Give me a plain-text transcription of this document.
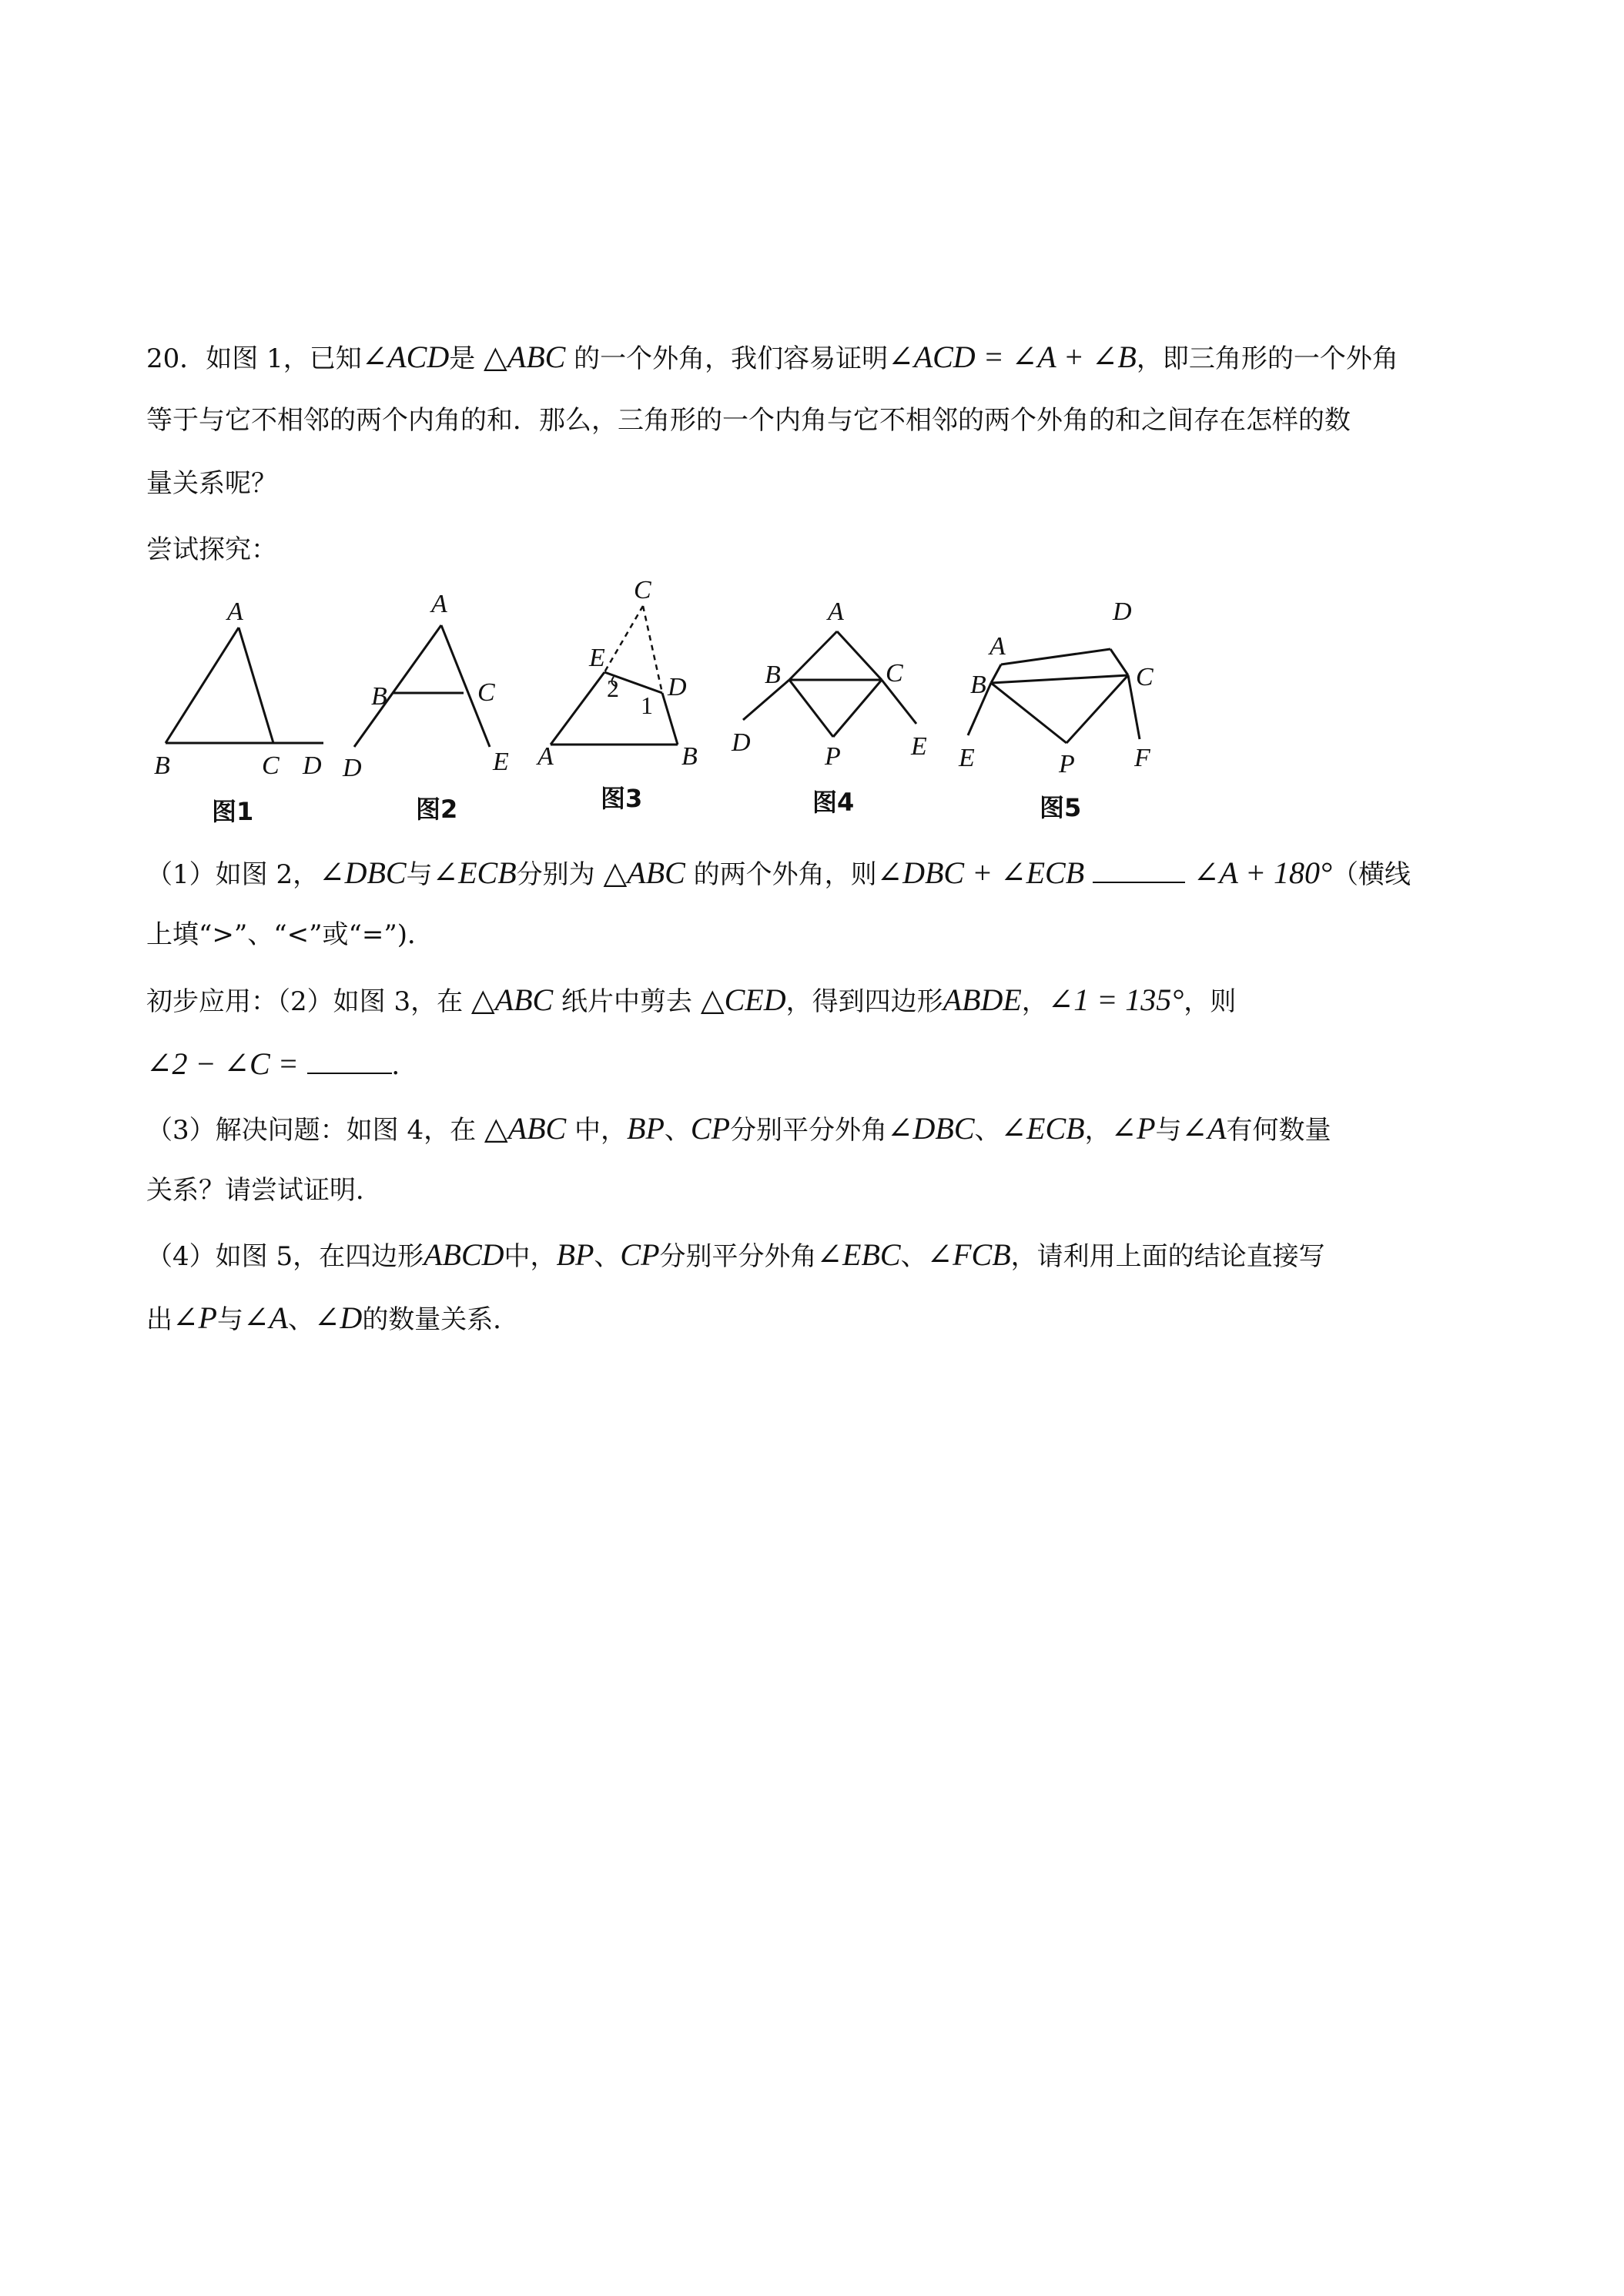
20．如图 1，已知∠ACD是 △ABC 的一个外角，我们容易证明∠ACD = ∠A + ∠B，即三角形的一个外角
等于与它不相邻的两个内角的和．那么，三角形的一个内角与它不相邻的两个外角的和之间存在怎样的数
量关系呢？
尝试探究：
A
B	C D
图1
A
B	C
D	E
图2
C
E
D
A	B
2
1
图3
A
B	C
D	E
P
图4
A
D
B	C
E	P F
图5
（1）如图 2，∠DBC与∠ECB分别为 △ABC 的两个外角，则∠DBC + ∠ECB	∠A + 180°（横线
上填“>”、“<”或“=”)．
初步应用：（2）如图 3，在 △ABC 纸片中剪去 △CED，得到四边形ABDE，∠1 = 135°，则
∠2 − ∠C =	．
（3）解决问题：如图 4，在 △ABC 中，BP、CP分别平分外角∠DBC、∠ECB，∠P与∠A有何数量
关系？请尝试证明．
（4）如图 5，在四边形ABCD中，BP、CP分别平分外角∠EBC、∠FCB，请利用上面的结论直接写
出∠P与∠A、∠D的数量关系．
